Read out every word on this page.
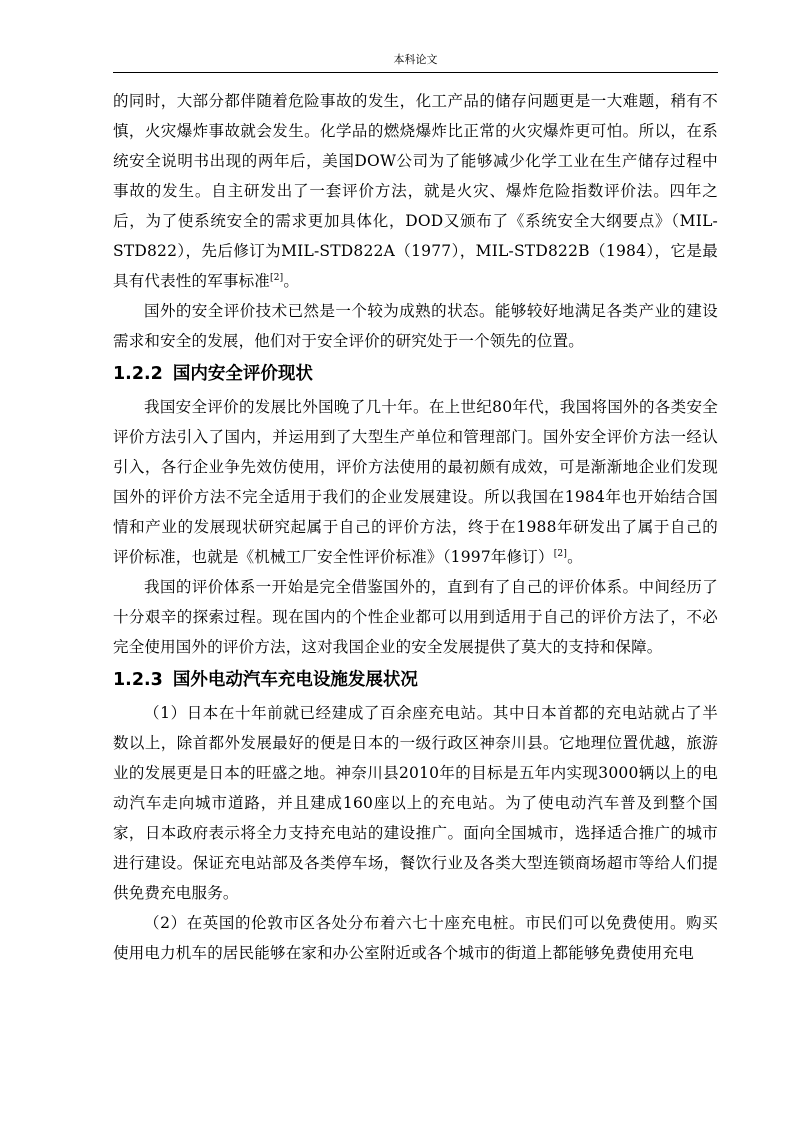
本科论文

的同时，大部分都伴随着危险事故的发生，化工产品的储存问题更是一大难题，稍有不慎，火灾爆炸事故就会发生。化学品的燃烧爆炸比正常的火灾爆炸更可怕。所以，在系统安全说明书出现的两年后，美国DOW公司为了能够减少化学工业在生产储存过程中事故的发生。自主研发出了一套评价方法，就是火灾、爆炸危险指数评价法。四年之后，为了使系统安全的需求更加具体化，DOD又颁布了《系统安全大纲要点》（MIL-STD822），先后修订为MIL-STD822A（1977），MIL-STD822B（1984），它是最具有代表性的军事标准[2]。

国外的安全评价技术已然是一个较为成熟的状态。能够较好地满足各类产业的建设需求和安全的发展，他们对于安全评价的研究处于一个领先的位置。

1.2.2 国内安全评价现状

我国安全评价的发展比外国晚了几十年。在上世纪80年代，我国将国外的各类安全评价方法引入了国内，并运用到了大型生产单位和管理部门。国外安全评价方法一经认引入，各行企业争先效仿使用，评价方法使用的最初颇有成效，可是渐渐地企业们发现国外的评价方法不完全适用于我们的企业发展建设。所以我国在1984年也开始结合国情和产业的发展现状研究起属于自己的评价方法，终于在1988年研发出了属于自己的评价标准，也就是《机械工厂安全性评价标准》（1997年修订）[2]。

我国的评价体系一开始是完全借鉴国外的，直到有了自己的评价体系。中间经历了十分艰辛的探索过程。现在国内的个性企业都可以用到适用于自己的评价方法了，不必完全使用国外的评价方法，这对我国企业的安全发展提供了莫大的支持和保障。

1.2.3 国外电动汽车充电设施发展状况

（1）日本在十年前就已经建成了百余座充电站。其中日本首都的充电站就占了半数以上，除首都外发展最好的便是日本的一级行政区神奈川县。它地理位置优越，旅游业的发展更是日本的旺盛之地。神奈川县2010年的目标是五年内实现3000辆以上的电动汽车走向城市道路，并且建成160座以上的充电站。为了使电动汽车普及到整个国家，日本政府表示将全力支持充电站的建设推广。面向全国城市，选择适合推广的城市进行建设。保证充电站部及各类停车场，餐饮行业及各类大型连锁商场超市等给人们提供免费充电服务。

（2）在英国的伦敦市区各处分布着六七十座充电桩。市民们可以免费使用。购买使用电力机车的居民能够在家和办公室附近或各个城市的街道上都能够免费使用充电
